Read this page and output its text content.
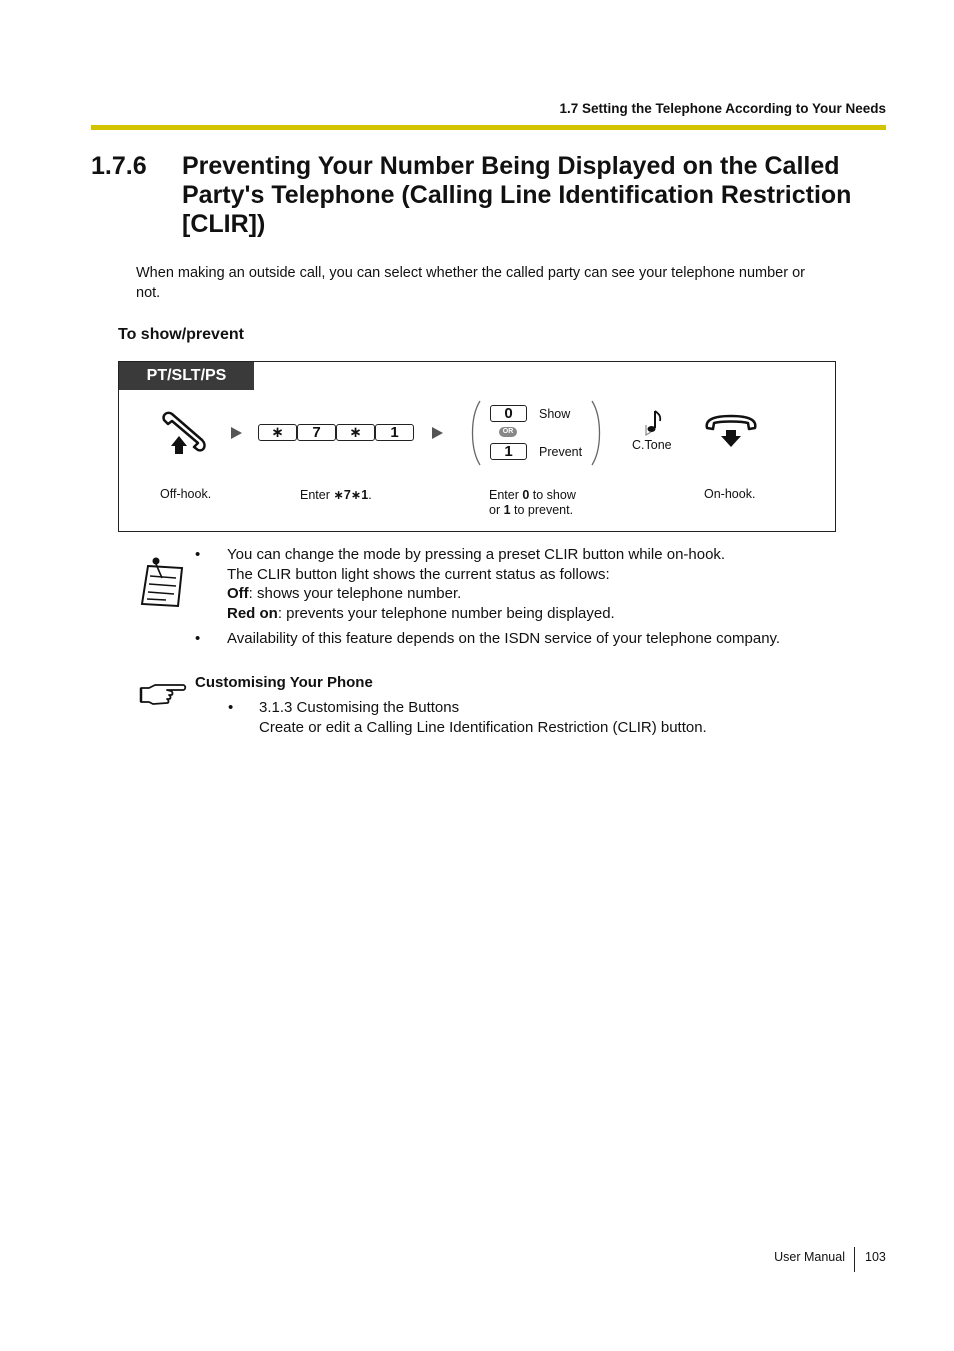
1.7 Setting the Telephone According to Your Needs
1.7.6 Preventing Your Number Being Displayed on the Called
Party's Telephone (Calling Line Identification Restriction
[CLIR])
When making an outside call, you can select whether the called party can see your telephone number or
not.
To show/prevent
PT/SLT/PS
∗	7	∗	1
0
OR
1
Show
Prevent	C.Tone
Off-hook.	Enter ∗7∗1.	Enter 0 to show
or 1 to prevent.
On-hook.
• You can change the mode by pressing a preset CLIR button while on-hook.
The CLIR button light shows the current status as follows:
Off: shows your telephone number.
Red on: prevents your telephone number being displayed.
• Availability of this feature depends on the ISDN service of your telephone company.
Customising Your Phone
• 3.1.3 Customising the Buttons
Create or edit a Calling Line Identification Restriction (CLIR) button.
User Manual 103
